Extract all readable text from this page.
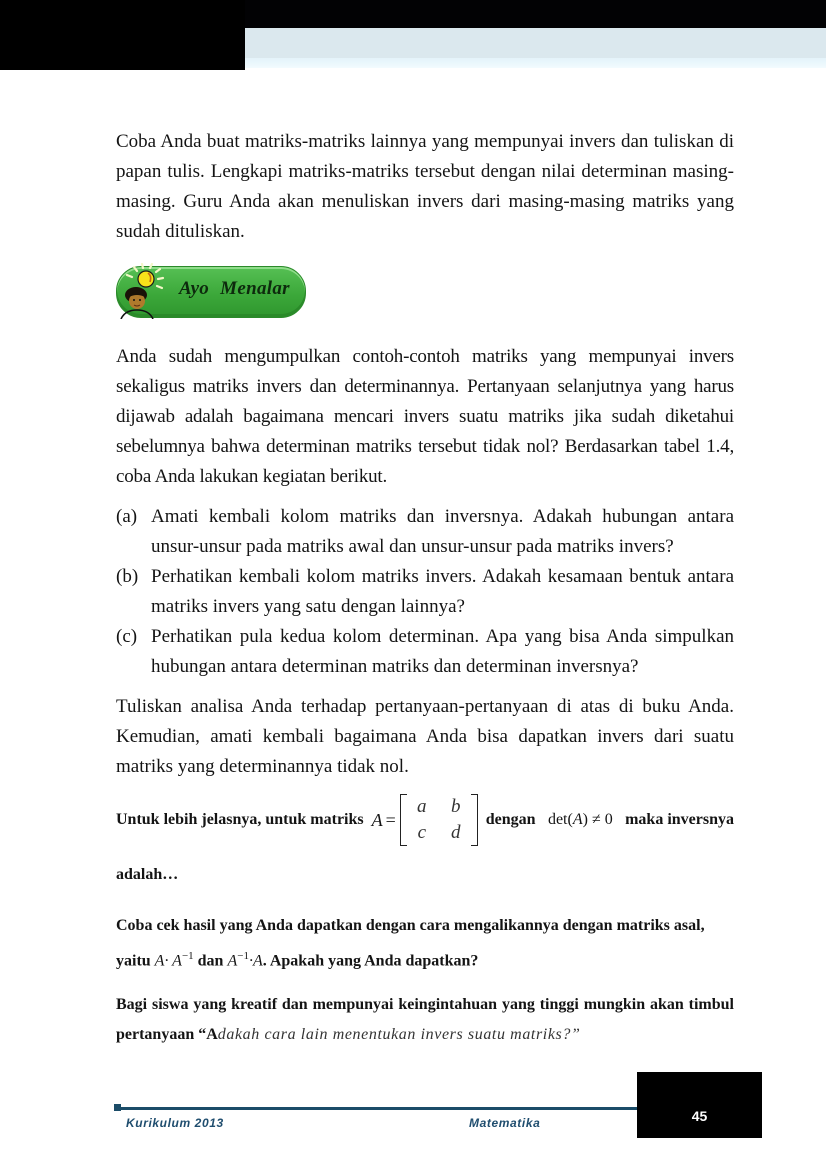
Coba Anda buat matriks-matriks lainnya yang mempunyai invers dan tuliskan di papan tulis. Lengkapi matriks-matriks tersebut dengan nilai determinan masing-masing. Guru Anda akan menuliskan invers dari masing-masing matriks yang sudah dituliskan.

Ayo Menalar

Anda sudah mengumpulkan contoh-contoh matriks yang mempunyai invers sekaligus matriks invers dan determinannya. Pertanyaan selanjutnya yang harus dijawab adalah bagaimana mencari invers suatu matriks jika sudah diketahui sebelumnya bahwa determinan matriks tersebut tidak nol? Berdasarkan tabel 1.4, coba Anda lakukan kegiatan berikut.

(a) Amati kembali kolom matriks dan inversnya. Adakah hubungan antara unsur-unsur pada matriks awal dan unsur-unsur pada matriks invers?
(b) Perhatikan kembali kolom matriks invers. Adakah kesamaan bentuk antara matriks invers yang satu dengan lainnya?
(c) Perhatikan pula kedua kolom determinan. Apa yang bisa Anda simpulkan hubungan antara determinan matriks dan determinan inversnya?

Tuliskan analisa Anda terhadap pertanyaan-pertanyaan di atas di buku Anda. Kemudian, amati kembali bagaimana Anda bisa dapatkan invers dari suatu matriks yang determinannya tidak nol.

Untuk lebih jelasnya, untuk matriks A =
a	b
c	d
dengan det(A) ≠ 0 maka inversnya
adalah…
Coba cek hasil yang Anda dapatkan dengan cara mengalikannya dengan matriks asal,
yaitu $A\cdot A^{-1}$ dan $A^{-1}\cdot A$. Apakah yang Anda dapatkan?
Bagi siswa yang kreatif dan mempunyai keingintahuan yang tinggi mungkin akan timbul pertanyaan “Adakah cara lain menentukan invers suatu matriks?”
Kurikulum 2013	Matematika	45
